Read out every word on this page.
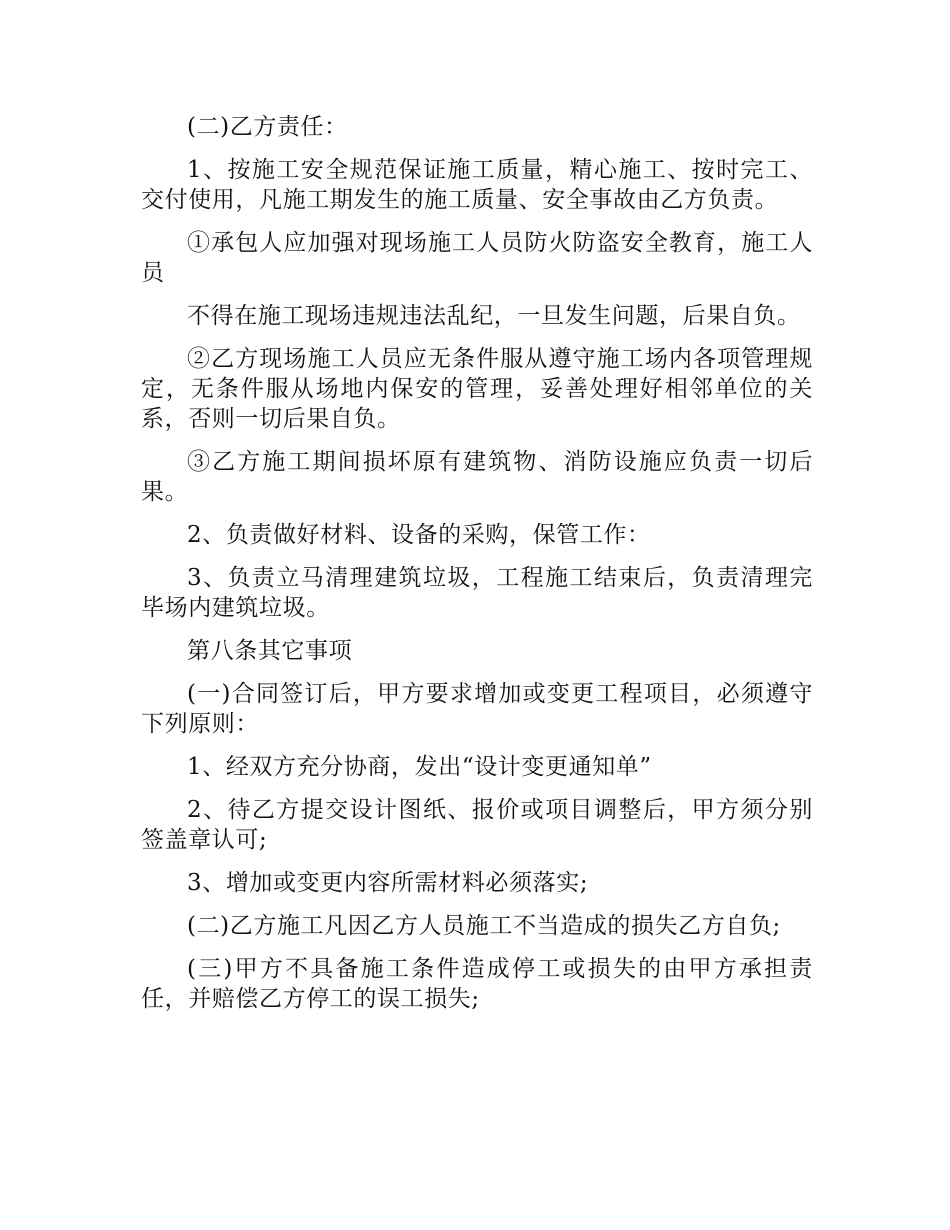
(二)乙方责任：

1、按施工安全规范保证施工质量，精心施工、按时完工、交付使用，凡施工期发生的施工质量、安全事故由乙方负责。

①承包人应加强对现场施工人员防火防盗安全教育，施工人员

不得在施工现场违规违法乱纪，一旦发生问题，后果自负。

②乙方现场施工人员应无条件服从遵守施工场内各项管理规定，无条件服从场地内保安的管理，妥善处理好相邻单位的关系，否则一切后果自负。

③乙方施工期间损坏原有建筑物、消防设施应负责一切后果。

2、负责做好材料、设备的采购，保管工作：

3、负责立马清理建筑垃圾，工程施工结束后，负责清理完毕场内建筑垃圾。

第八条其它事项

(一)合同签订后，甲方要求增加或变更工程项目，必须遵守下列原则：

1、经双方充分协商，发出“设计变更通知单”

2、待乙方提交设计图纸、报价或项目调整后，甲方须分别签盖章认可;

3、增加或变更内容所需材料必须落实;

(二)乙方施工凡因乙方人员施工不当造成的损失乙方自负;

(三)甲方不具备施工条件造成停工或损失的由甲方承担责任，并赔偿乙方停工的误工损失;
